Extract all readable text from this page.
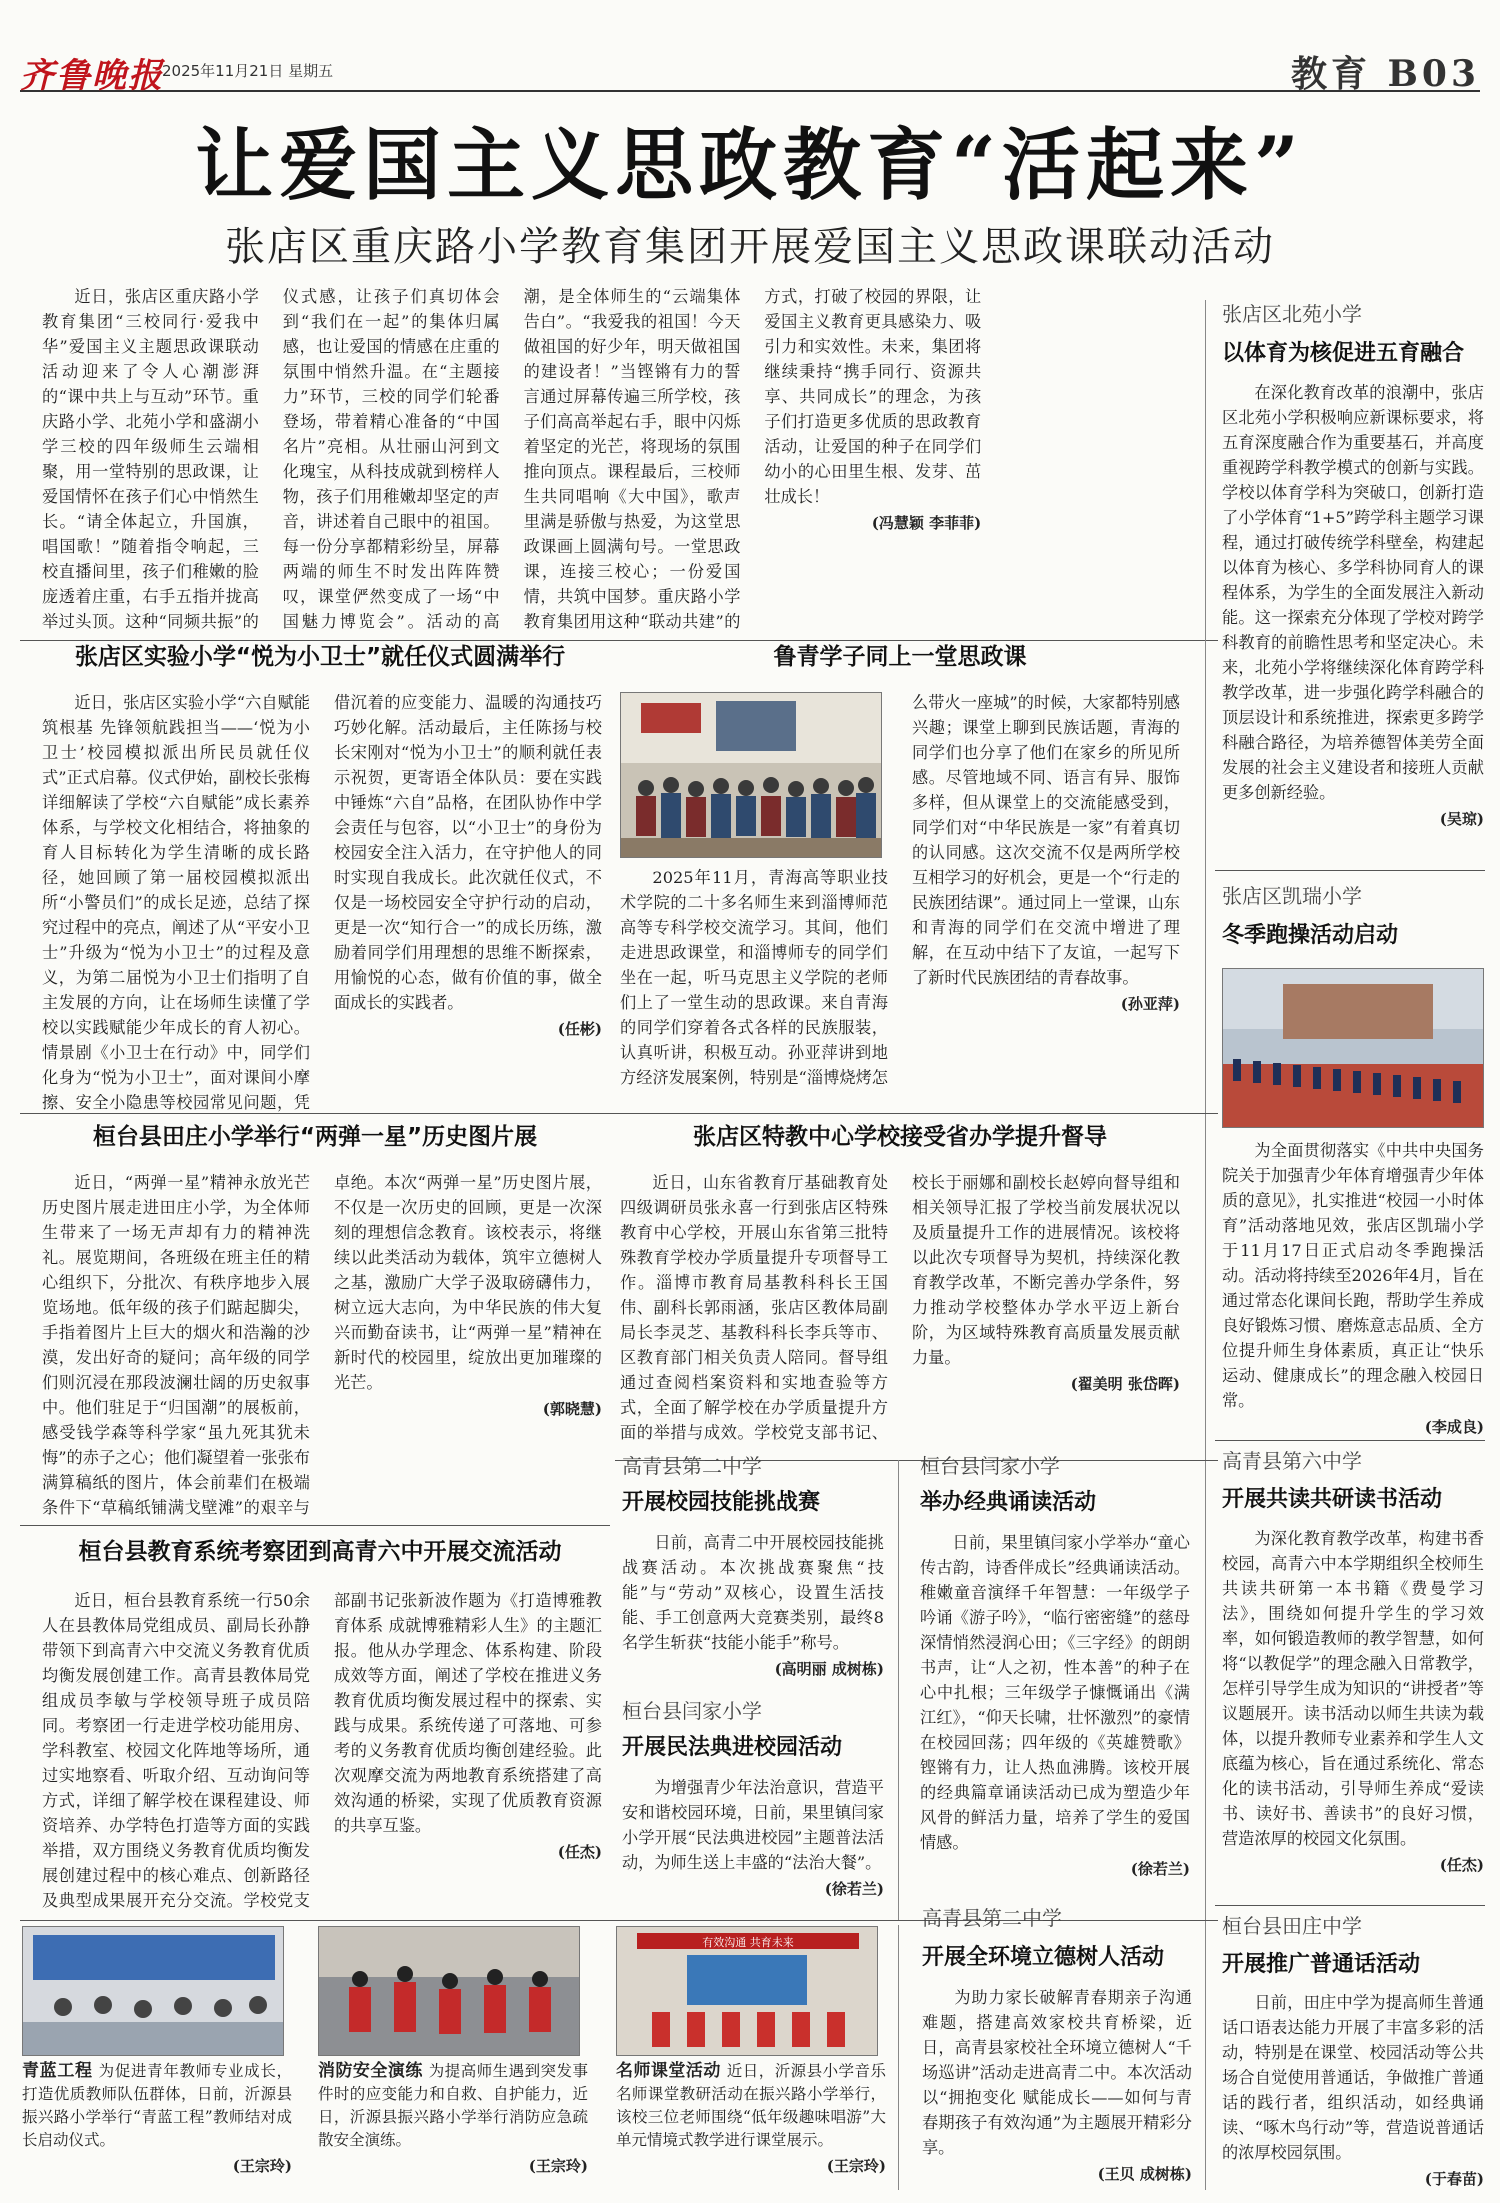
齐鲁晚报
2025年11月21日 星期五	教育 B03
让爱国主义思政教育“活起来”
张店区重庆路小学教育集团开展爱国主义思政课联动活动
近日，张店区重庆路小学教育集团“三校同行·爱我中华”爱国主义主题思政课联动活动迎来了令人心潮澎湃的“课中共上与互动”环节。重庆路小学、北苑小学和盛湖小学三校的四年级师生云端相聚，用一堂特别的思政课，让爱国情怀在孩子们心中悄然生长。“请全体起立，升国旗，唱国歌！”随着指令响起，三校直播间里，孩子们稚嫩的脸庞透着庄重，右手五指并拢高举过头顶。这种“同频共振”的仪式感，让孩子们真切体会到“我们在一起”的集体归属感，也让爱国的情感在庄重的氛围中悄然升温。在“主题接力”环节，三校的同学们轮番登场，带着精心准备的“中国名片”亮相。从壮丽山河到文化瑰宝，从科技成就到榜样人物，孩子们用稚嫩却坚定的声音，讲述着自己眼中的祖国。每一份分享都精彩纷呈，屏幕两端的师生不时发出阵阵赞叹，课堂俨然变成了一场“中国魅力博览会”。活动的高潮，是全体师生的“云端集体告白”。“我爱我的祖国！今天做祖国的好少年，明天做祖国的建设者！”当铿锵有力的誓言通过屏幕传遍三所学校，孩子们高高举起右手，眼中闪烁着坚定的光芒，将现场的氛围推向顶点。课程最后，三校师生共同唱响《大中国》，歌声里满是骄傲与热爱，为这堂思政课画上圆满句号。一堂思政课，连接三校心；一份爱国情，共筑中国梦。重庆路小学教育集团用这种“联动共建”的方式，打破了校园的界限，让爱国主义教育更具感染力、吸引力和实效性。未来，集团将继续秉持“携手同行、资源共享、共同成长”的理念，为孩子们打造更多优质的思政教育活动，让爱国的种子在同学们幼小的心田里生根、发芽、茁壮成长！
(冯慧颖 李菲菲)
张店区实验小学“悦为小卫士”就任仪式圆满举行
近日，张店区实验小学“六自赋能筑根基 先锋领航践担当——‘悦为小卫士’校园模拟派出所民员就任仪式”正式启幕。仪式伊始，副校长张梅详细解读了学校“六自赋能”成长素养体系，与学校文化相结合，将抽象的育人目标转化为学生清晰的成长路径，她回顾了第一届校园模拟派出所“小警员们”的成长足迹，总结了探究过程中的亮点，阐述了从“平安小卫士”升级为“悦为小卫士”的过程及意义，为第二届悦为小卫士们指明了自主发展的方向，让在场师生读懂了学校以实践赋能少年成长的育人初心。情景剧《小卫士在行动》中，同学们化身为“悦为小卫士”，面对课间小摩擦、安全小隐患等校园常见问题，凭借沉着的应变能力、温暖的沟通技巧巧妙化解。活动最后，主任陈扬与校长宋刚对“悦为小卫士”的顺利就任表示祝贺，更寄语全体队员：要在实践中锤炼“六自”品格，在团队协作中学会责任与包容，以“小卫士”的身份为校园安全注入活力，在守护他人的同时实现自我成长。此次就任仪式，不仅是一场校园安全守护行动的启动，更是一次“知行合一”的成长历练，激励着同学们用理想的思维不断探索，用愉悦的心态，做有价值的事，做全面成长的实践者。
(任彬)
鲁青学子同上一堂思政课
2025年11月，青海高等职业技术学院的二十多名师生来到淄博师范高等专科学校交流学习。其间，他们走进思政课堂，和淄博师专的同学们坐在一起，听马克思主义学院的老师们上了一堂生动的思政课。来自青海的同学们穿着各式各样的民族服装，认真听讲，积极互动。孙亚萍讲到地方经济发展案例，特别是“淄博烧烤怎么带火一座城”的时候，大家都特别感兴趣；课堂上聊到民族话题，青海的同学们也分享了他们在家乡的所见所感。尽管地域不同、语言有异、服饰多样，但从课堂上的交流能感受到，同学们对“中华民族是一家”有着真切的认同感。这次交流不仅是两所学校互相学习的好机会，更是一个“行走的民族团结课”。通过同上一堂课，山东和青海的同学们在交流中增进了理解，在互动中结下了友谊，一起写下了新时代民族团结的青春故事。
(孙亚萍)
桓台县田庄小学举行“两弹一星”历史图片展
近日，“两弹一星”精神永放光芒历史图片展走进田庄小学，为全体师生带来了一场无声却有力的精神洗礼。展览期间，各班级在班主任的精心组织下，分批次、有秩序地步入展览场地。低年级的孩子们踮起脚尖，手指着图片上巨大的烟火和浩瀚的沙漠，发出好奇的疑问；高年级的同学们则沉浸在那段波澜壮阔的历史叙事中。他们驻足于“归国潮”的展板前，感受钱学森等科学家“虽九死其犹未悔”的赤子之心；他们凝望着一张张布满算稿纸的图片，体会前辈们在极端条件下“草稿纸铺满戈壁滩”的艰辛与卓绝。本次“两弹一星”历史图片展，不仅是一次历史的回顾，更是一次深刻的理想信念教育。该校表示，将继续以此类活动为载体，筑牢立德树人之基，激励广大学子汲取磅礴伟力，树立远大志向，为中华民族的伟大复兴而勤奋读书，让“两弹一星”精神在新时代的校园里，绽放出更加璀璨的光芒。
(郭晓慧)
张店区特教中心学校接受省办学提升督导
近日，山东省教育厅基础教育处四级调研员张永喜一行到张店区特殊教育中心学校，开展山东省第三批特殊教育学校办学质量提升专项督导工作。淄博市教育局基教科科长王国伟、副科长郭雨涵，张店区教体局副局长李灵芝、基教科科长李兵等市、区教育部门相关负责人陪同。督导组通过查阅档案资料和实地查验等方式，全面了解学校在办学质量提升方面的举措与成效。学校党支部书记、校长于丽娜和副校长赵婷向督导组和相关领导汇报了学校当前发展状况以及质量提升工作的进展情况。该校将以此次专项督导为契机，持续深化教育教学改革，不断完善办学条件，努力推动学校整体办学水平迈上新台阶，为区域特殊教育高质量发展贡献力量。
(翟美明 张岱晖)
高青县第二中学
开展校园技能挑战赛
日前，高青二中开展校园技能挑战赛活动。本次挑战赛聚焦“技能”与“劳动”双核心，设置生活技能、手工创意两大竞赛类别，最终8名学生斩获“技能小能手”称号。
(高明丽 成树栋)
桓台县闫家小学
开展民法典进校园活动
为增强青少年法治意识，营造平安和谐校园环境，日前，果里镇闫家小学开展“民法典进校园”主题普法活动，为师生送上丰盛的“法治大餐”。
(徐若兰)
桓台县闫家小学
举办经典诵读活动
日前，果里镇闫家小学举办“童心传古韵，诗香伴成长”经典诵读活动。稚嫩童音演绎千年智慧：一年级学子吟诵《游子吟》，“临行密密缝”的慈母深情悄然浸润心田；《三字经》的朗朗书声，让“人之初，性本善”的种子在心中扎根；三年级学子慷慨诵出《满江红》，“仰天长啸，壮怀激烈”的豪情在校园回荡；四年级的《英雄赞歌》铿锵有力，让人热血沸腾。该校开展的经典篇章诵读活动已成为塑造少年风骨的鲜活力量，培养了学生的爱国情感。
(徐若兰)
桓台县教育系统考察团到高青六中开展交流活动
近日，桓台县教育系统一行50余人在县教体局党组成员、副局长孙静带领下到高青六中交流义务教育优质均衡发展创建工作。高青县教体局党组成员李敏与学校领导班子成员陪同。考察团一行走进学校功能用房、学科教室、校园文化阵地等场所，通过实地察看、听取介绍、互动询问等方式，详细了解学校在课程建设、师资培养、办学特色打造等方面的实践举措，双方围绕义务教育优质均衡发展创建过程中的核心难点、创新路径及典型成果展开充分交流。学校党支部副书记张新波作题为《打造博雅教育体系 成就博雅精彩人生》的主题汇报。他从办学理念、体系构建、阶段成效等方面，阐述了学校在推进义务教育优质均衡发展过程中的探索、实践与成果。系统传递了可落地、可参考的义务教育优质均衡创建经验。此次观摩交流为两地教育系统搭建了高效沟通的桥梁，实现了优质教育资源的共享互鉴。
(任杰)
有效沟通 共育未来
青蓝工程 为促进青年教师专业成长，打造优质教师队伍群体，日前，沂源县振兴路小学举行“青蓝工程”教师结对成长启动仪式。
(王宗玲)
消防安全演练 为提高师生遇到突发事件时的应变能力和自救、自护能力，近日，沂源县振兴路小学举行消防应急疏散安全演练。
(王宗玲)
名师课堂活动 近日，沂源县小学音乐名师课堂教研活动在振兴路小学举行，该校三位老师围绕“低年级趣味唱游”大单元情境式教学进行课堂展示。
(王宗玲)
高青县第二中学
开展全环境立德树人活动
为助力家长破解青春期亲子沟通难题，搭建高效家校共育桥梁，近日，高青县家校社全环境立德树人“千场巡讲”活动走进高青二中。本次活动以“拥抱变化 赋能成长——如何与青春期孩子有效沟通”为主题展开精彩分享。
(王贝 成树栋)
张店区北苑小学
以体育为核促进五育融合
在深化教育改革的浪潮中，张店区北苑小学积极响应新课标要求，将五育深度融合作为重要基石，并高度重视跨学科教学模式的创新与实践。学校以体育学科为突破口，创新打造了小学体育“1+5”跨学科主题学习课程，通过打破传统学科壁垒，构建起以体育为核心、多学科协同育人的课程体系，为学生的全面发展注入新动能。这一探索充分体现了学校对跨学科教育的前瞻性思考和坚定决心。未来，北苑小学将继续深化体育跨学科教学改革，进一步强化跨学科融合的顶层设计和系统推进，探索更多跨学科融合路径，为培养德智体美劳全面发展的社会主义建设者和接班人贡献更多创新经验。
(吴琼)
张店区凯瑞小学
冬季跑操活动启动
为全面贯彻落实《中共中央国务院关于加强青少年体育增强青少年体质的意见》，扎实推进“校园一小时体育”活动落地见效，张店区凯瑞小学于11月17日正式启动冬季跑操活动。活动将持续至2026年4月，旨在通过常态化课间长跑，帮助学生养成良好锻炼习惯、磨炼意志品质、全方位提升师生身体素质，真正让“快乐运动、健康成长”的理念融入校园日常。
(李成良)
高青县第六中学
开展共读共研读书活动
为深化教育教学改革，构建书香校园，高青六中本学期组织全校师生共读共研第一本书籍《费曼学习法》，围绕如何提升学生的学习效率，如何锻造教师的教学智慧，如何将“以教促学”的理念融入日常教学，怎样引导学生成为知识的“讲授者”等议题展开。读书活动以师生共读为载体，以提升教师专业素养和学生人文底蕴为核心，旨在通过系统化、常态化的读书活动，引导师生养成“爱读书、读好书、善读书”的良好习惯，营造浓厚的校园文化氛围。
(任杰)
桓台县田庄中学
开展推广普通话活动
日前，田庄中学为提高师生普通话口语表达能力开展了丰富多彩的活动，特别是在课堂、校园活动等公共场合自觉使用普通话，争做推广普通话的践行者，组织活动，如经典诵读、“啄木鸟行动”等，营造说普通话的浓厚校园氛围。
(于春苗)
